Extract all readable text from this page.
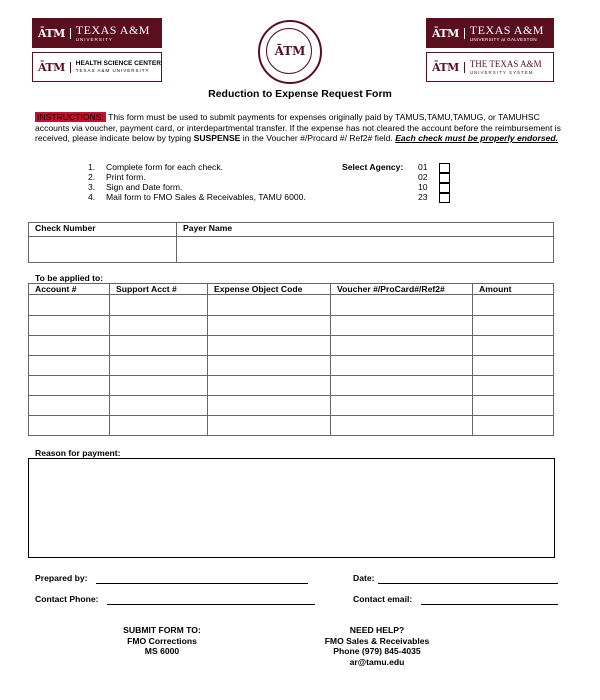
ĀTM TEXAS A&M
UNIVERSITY
ĀTM	HEALTH SCIENCE CENTER
TEXAS A&M UNIVERSITY
ĀTM
ĀTM TEXAS A&M
UNIVERSITY at GALVESTON
ĀTM	THE TEXAS A&M
UNIVERSITY SYSTEM
Reduction to Expense Request Form
INSTRUCTIONS: This form must be used to submit payments for expenses originally paid by TAMUS,TAMU,TAMUG, or TAMUHSC accounts via voucher, payment card, or interdepartmental transfer. If the expense has not cleared the account before the reimbursement is received, please indicate below by typing SUSPENSE in the Voucher #/Procard #/ Ref2# field. Each check must be properly endorsed.
1. Complete form for each check.
2. Print form.
3. Sign and Date form.
4. Mail form to FMO Sales & Receivables, TAMU 6000.
Select Agency: 01
02
10
23
Check Number	Payer Name

To be applied to:
Account #	Support Acct #	Expense Object Code	Voucher #/ProCard#/Ref2#	Amount

Reason for payment:
Prepared by:	Date:
Contact Phone:	Contact email:
SUBMIT FORM TO:
FMO Corrections
MS 6000
NEED HELP?
FMO Sales & Receivables
Phone (979) 845-4035
ar@tamu.edu
